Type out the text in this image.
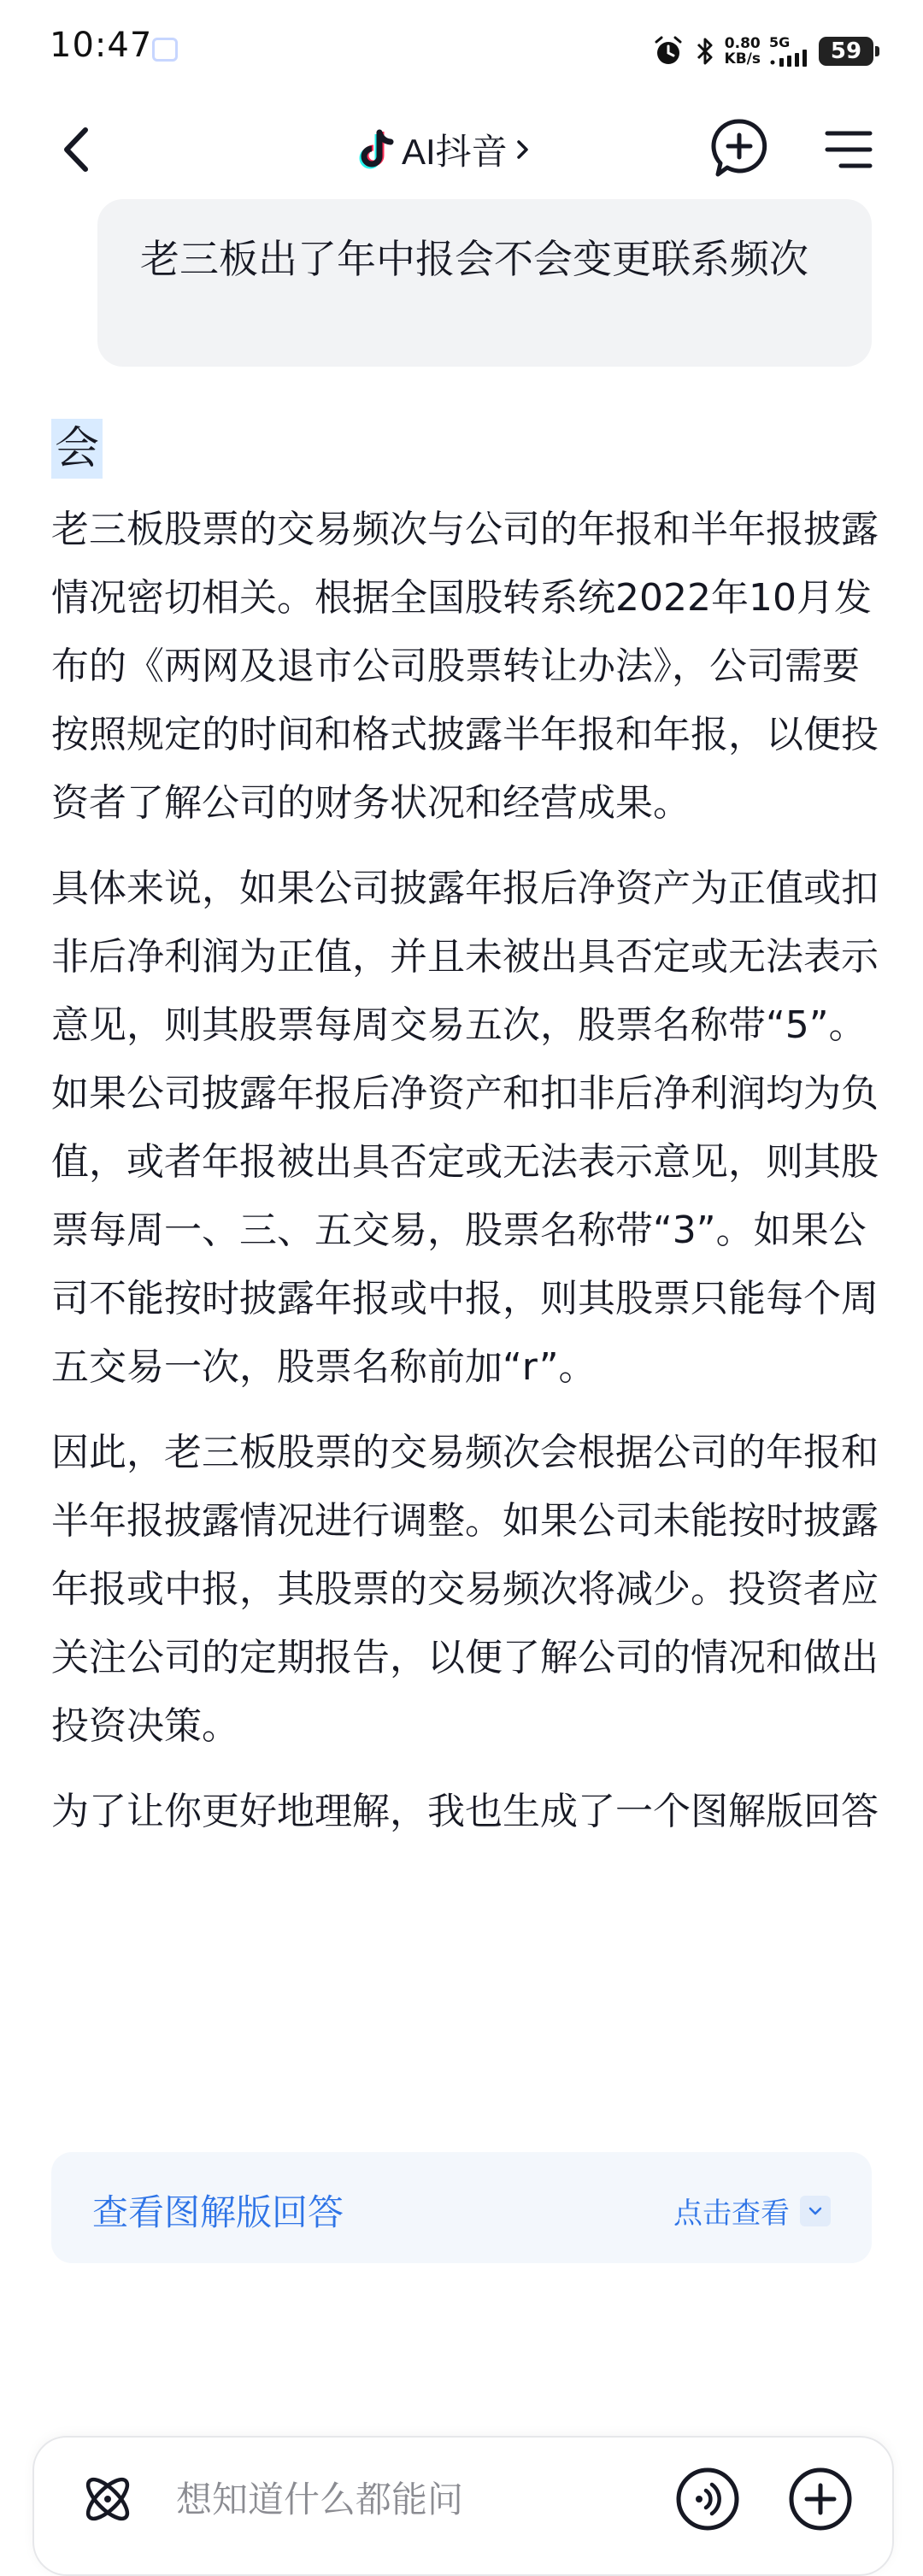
10:47	0.80
KB/s
5G 59
AI抖音
老三板出了年中报会不会变更联系频次
会

老三板股票的交易频次与公司的年报和半年报披露情况密切相关。根据全国股转系统2022年10月发布的《两网及退市公司股票转让办法》，公司需要按照规定的时间和格式披露半年报和年报，以便投资者了解公司的财务状况和经营成果。

具体来说，如果公司披露年报后净资产为正值或扣非后净利润为正值，并且未被出具否定或无法表示意见，则其股票每周交易五次，股票名称带“5”。如果公司披露年报后净资产和扣非后净利润均为负值，或者年报被出具否定或无法表示意见，则其股票每周一、三、五交易，股票名称带“3”。如果公司不能按时披露年报或中报，则其股票只能每个周五交易一次，股票名称前加“r”。

因此，老三板股票的交易频次会根据公司的年报和半年报披露情况进行调整。如果公司未能按时披露年报或中报，其股票的交易频次将减少。投资者应关注公司的定期报告，以便了解公司的情况和做出投资决策。

为了让你更好地理解，我也生成了一个图解版回答

查看图解版回答	点击查看
想知道什么都能问
